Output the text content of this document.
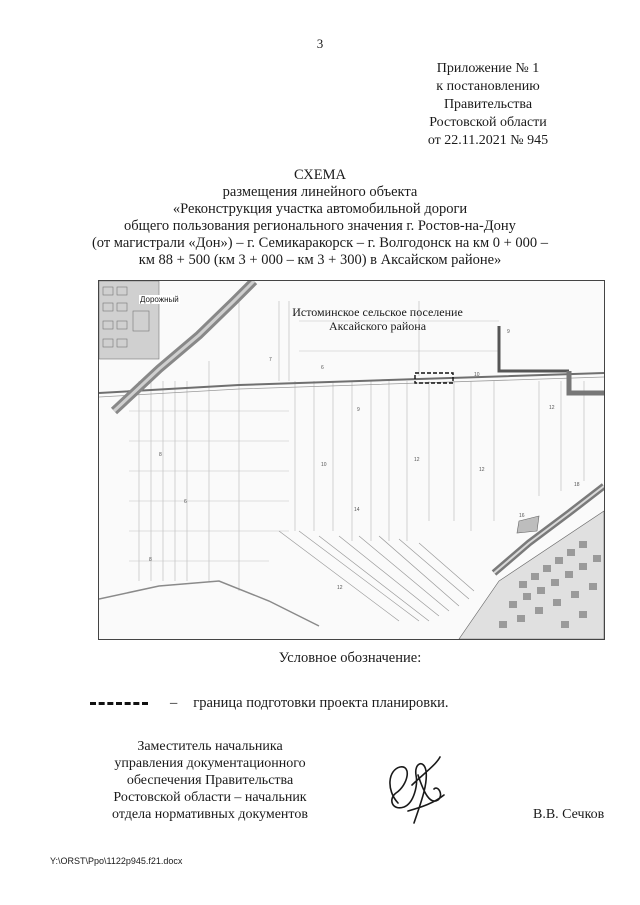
3
Приложение № 1
к постановлению
Правительства
Ростовской области
от 22.11.2021 № 945
СХЕМА
размещения линейного объекта
«Реконструкция участка автомобильной дороги
общего пользования регионального значения г. Ростов-на-Дону
(от магистрали «Дон») – г. Семикаракорск – г. Волгодонск на км 0 + 000 –
км 88 + 500 (км 3 + 000 – км 3 + 300) в Аксайском районе»
9
7
6
10
9	12
8
10
12
12
18
16
14
6
8
12
Дорожный
Истоминское сельское поселение
Аксайского района
Условное обозначение:
– граница подготовки проекта планировки.
Заместитель начальника
управления документационного
обеспечения Правительства
Ростовской области – начальник
отдела нормативных документов	В.В. Сечков
Y:\ORST\Ppo\1122p945.f21.docx
